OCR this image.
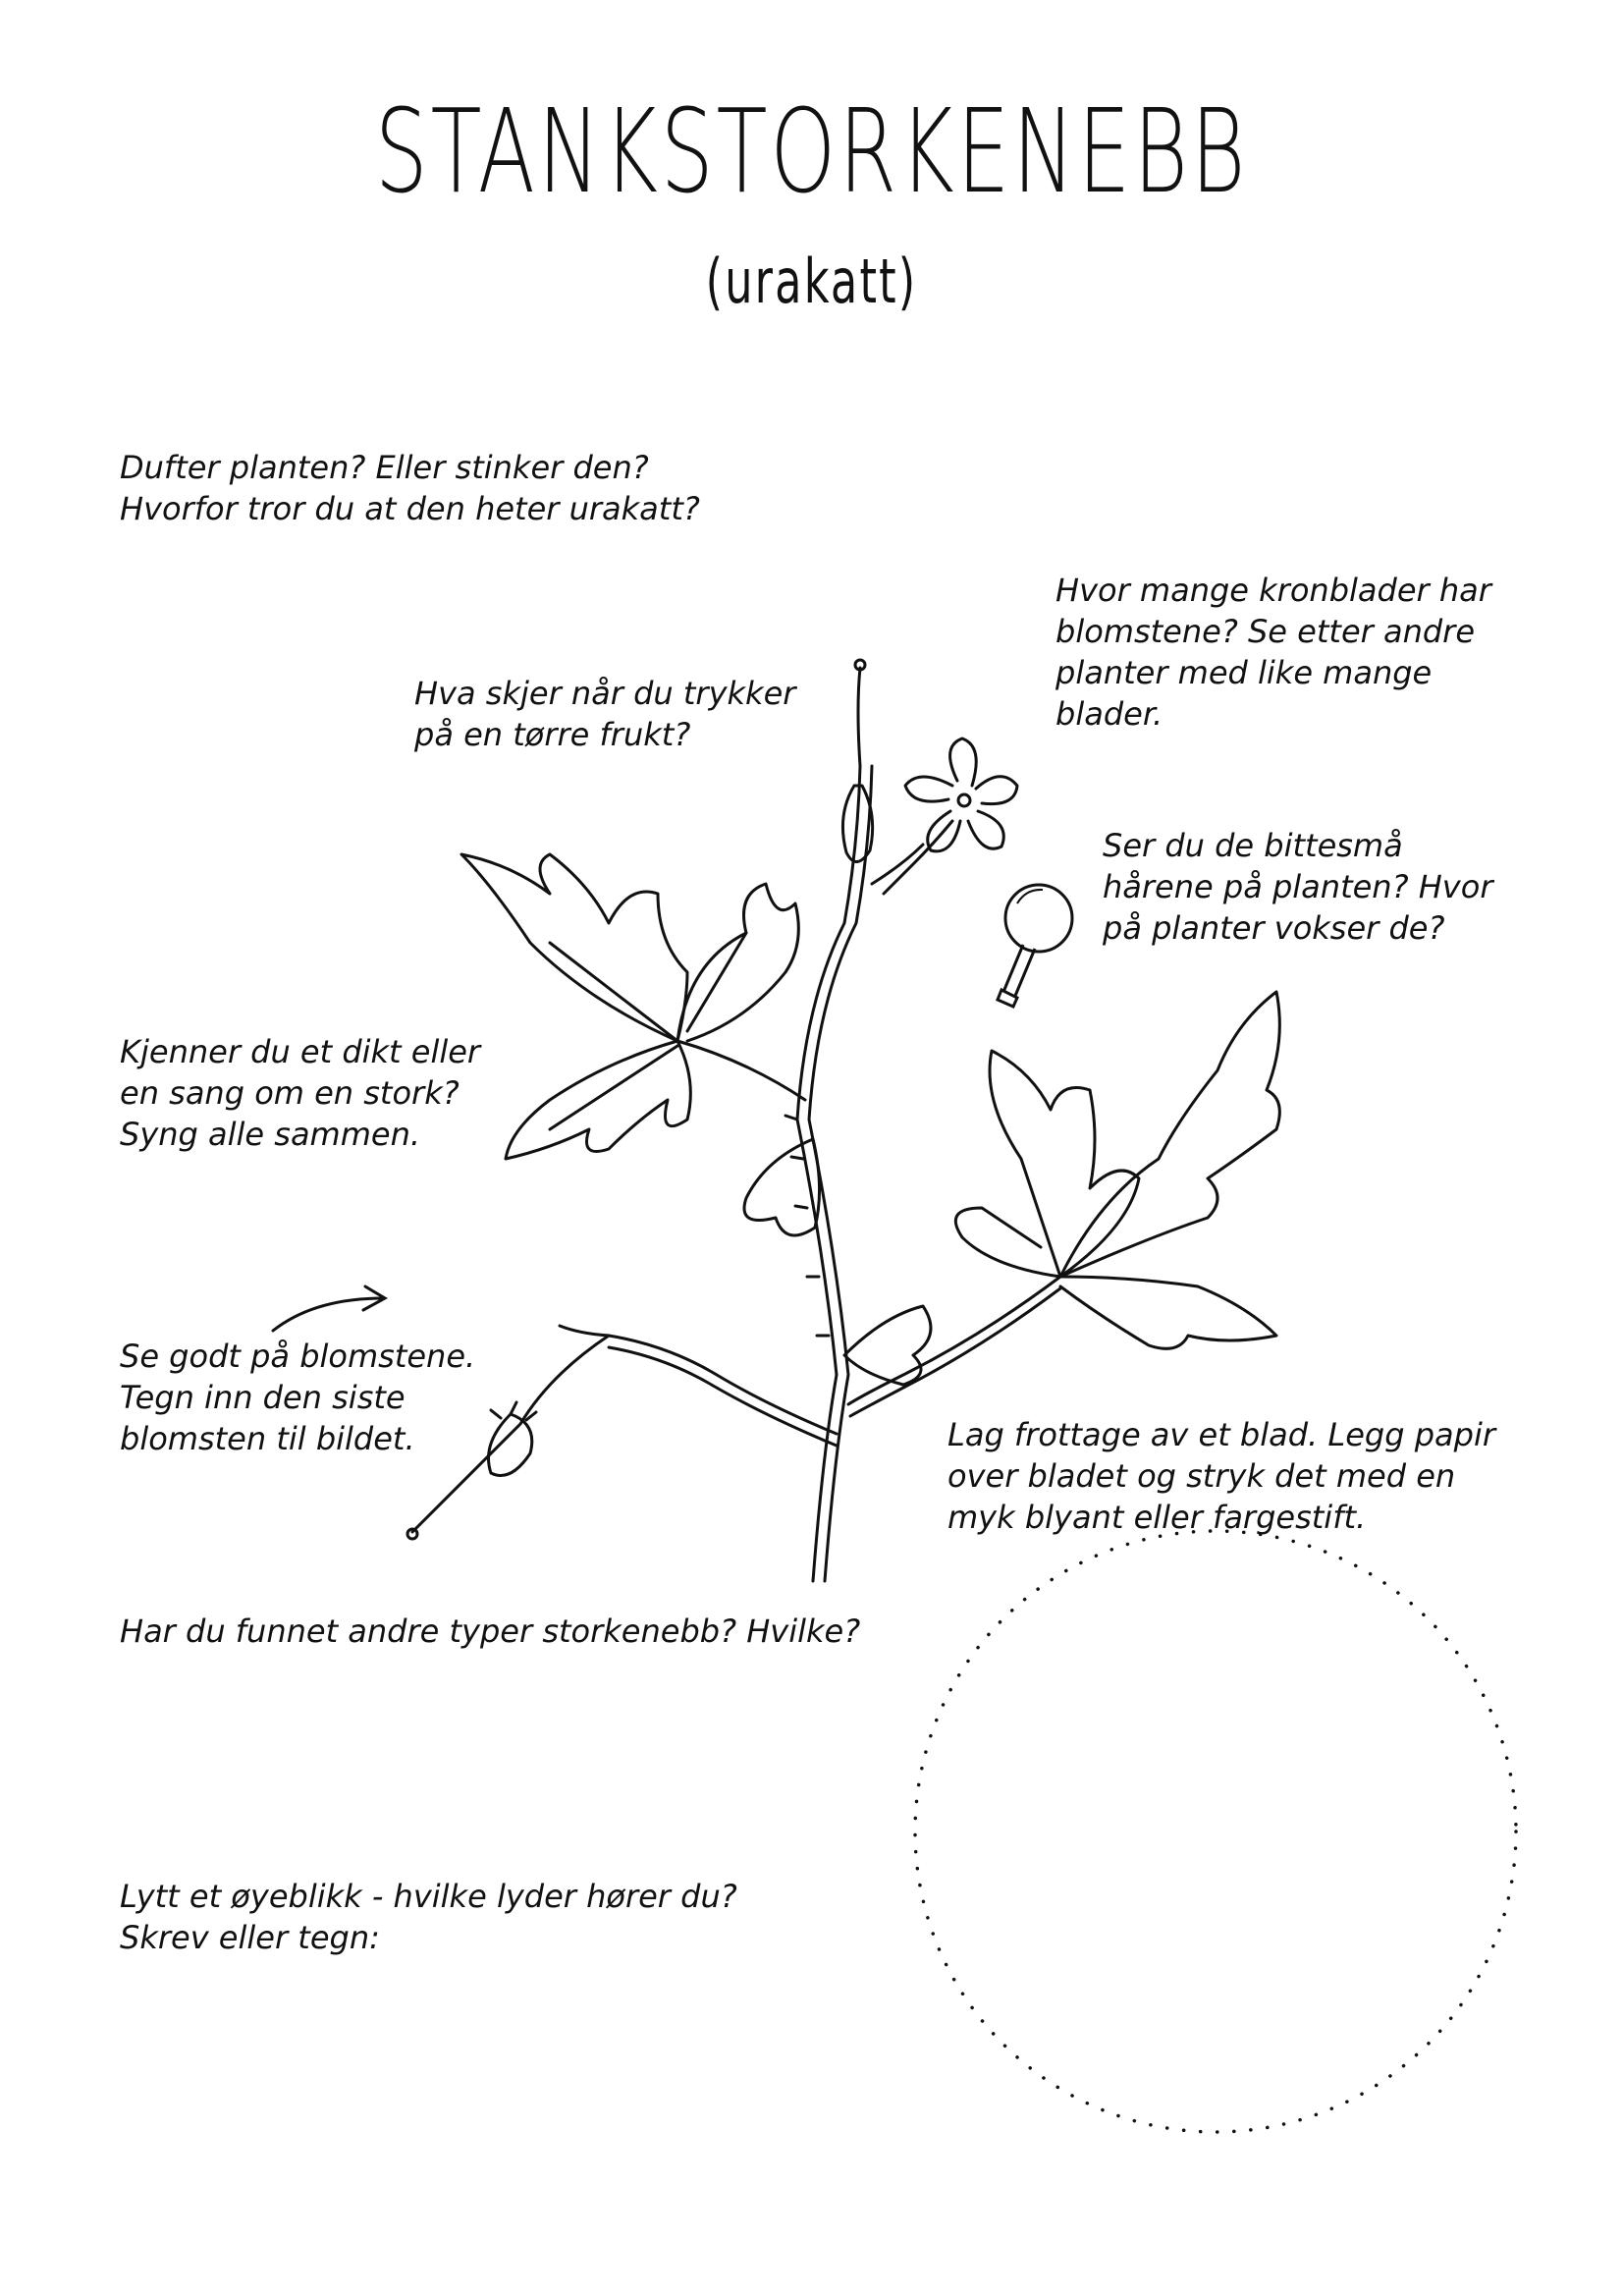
STANKSTORKENEBB
(urakatt)
Dufter planten? Eller stinker den?
Hvorfor tror du at den heter urakatt?
Hvor mange kronblader har
blomstene? Se etter andre
planter med like mange
blader.
Hva skjer når du trykker
på en tørre frukt?
Ser du de bittesmå
hårene på planten? Hvor
på planter vokser de?
Kjenner du et dikt eller
en sang om en stork?
Syng alle sammen.
Se godt på blomstene.
Tegn inn den siste
blomsten til bildet.	Lag frottage av et blad. Legg papir
over bladet og stryk det med en
myk blyant eller fargestift.
Har du funnet andre typer storkenebb? Hvilke?
Lytt et øyeblikk - hvilke lyder hører du?
Skrev eller tegn:
